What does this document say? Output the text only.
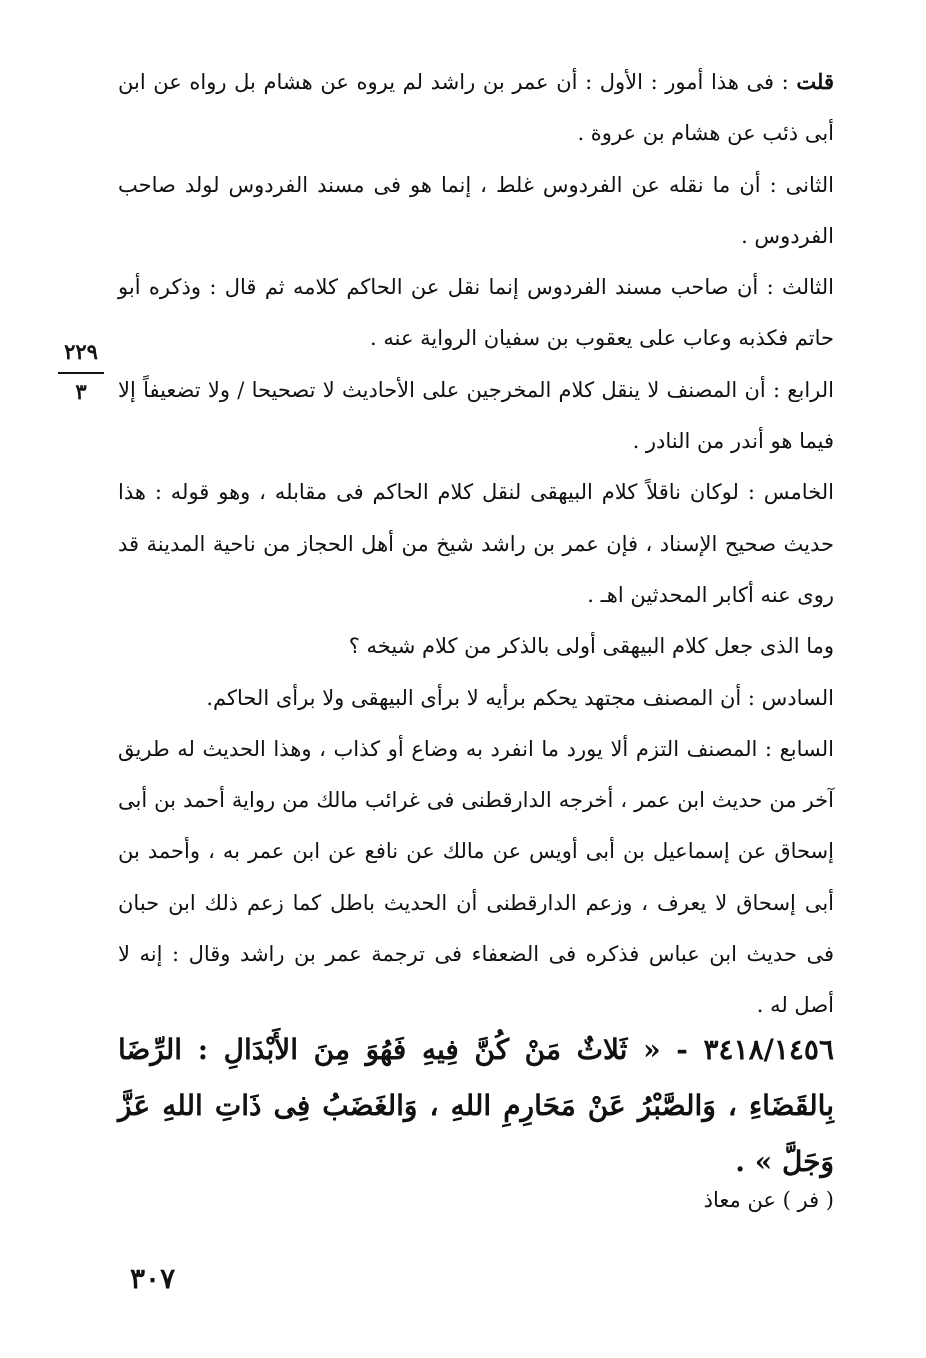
٢٢٩
٣

قلت : فى هذا أمور : الأول : أن عمر بن راشد لم يروه عن هشام بل رواه عن ابن أبى ذئب عن هشام بن عروة .

الثانى : أن ما نقله عن الفردوس غلط ، إنما هو فى مسند الفردوس لولد صاحب الفردوس .

الثالث : أن صاحب مسند الفردوس إنما نقل عن الحاكم كلامه ثم قال : وذكره أبو حاتم فكذبه وعاب على يعقوب بن سفيان الرواية عنه .

الرابع : أن المصنف لا ينقل كلام المخرجين على الأحاديث لا تصحيحا / ولا تضعيفاً إلا فيما هو أندر من النادر .

الخامس : لوكان ناقلاً كلام البيهقى لنقل كلام الحاكم فى مقابله ، وهو قوله : هذا حديث صحيح الإسناد ، فإن عمر بن راشد شيخ من أهل الحجاز من ناحية المدينة قد روى عنه أكابر المحدثين اهـ .

وما الذى جعل كلام البيهقى أولى بالذكر من كلام شيخه ؟

السادس : أن المصنف مجتهد يحكم برأيه لا برأى البيهقى ولا برأى الحاكم.

السابع : المصنف التزم ألا يورد ما انفرد به وضاع أو كذاب ، وهذا الحديث له طريق آخر من حديث ابن عمر ، أخرجه الدارقطنى فى غرائب مالك من رواية أحمد بن أبى إسحاق عن إسماعيل بن أبى أويس عن مالك عن نافع عن ابن عمر به ، وأحمد بن أبى إسحاق لا يعرف ، وزعم الدارقطنى أن الحديث باطل كما زعم ذلك ابن حبان فى حديث ابن عباس فذكره فى الضعفاء فى ترجمة عمر بن راشد وقال : إنه لا أصل له .

٣٤١٨/١٤٥٦ - « ثَلاثٌ مَنْ كُنَّ فِيهِ فَهُوَ مِنَ الأَبْدَالِ : الرِّضَا بِالقَضَاءِ ، وَالصَّبْرُ عَنْ مَحَارِمِ اللهِ ، وَالغَضَبُ فِى ذَاتِ اللهِ عَزَّ وَجَلَّ » .
( فر ) عن معاذ
٣٠٧
